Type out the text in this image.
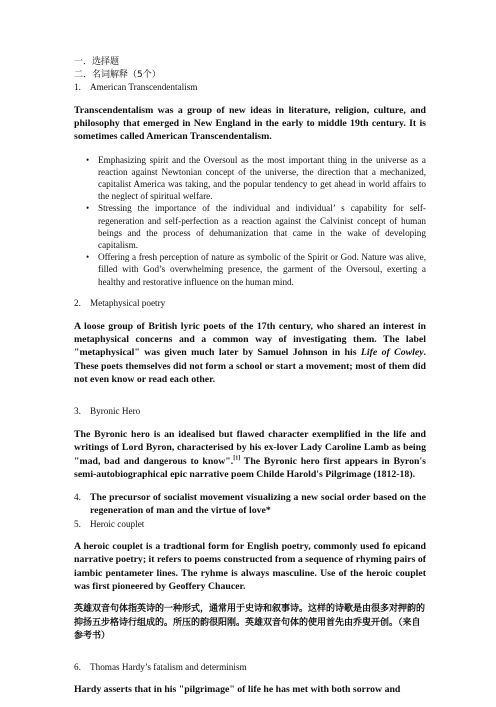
一．选择题

二．名词解释（5个）

1. American Transcendentalism

Transcendentalism was a group of new ideas in literature, religion, culture, and philosophy that emerged in New England in the early to middle 19th century. It is sometimes called American Transcendentalism.

• Emphasizing spirit and the Oversoul as the most important thing in the universe as a reaction against Newtonian concept of the universe, the direction that a mechanized, capitalist America was taking, and the popular tendency to get ahead in world affairs to the neglect of spiritual welfare.
• Stressing the importance of the individual and individual’ s capability for self-regeneration and self-perfection as a reaction against the Calvinist concept of human beings and the process of dehumanization that came in the wake of developing capitalism.
• Offering a fresh perception of nature as symbolic of the Spirit or God. Nature was alive, filled with God’s overwhelming presence, the garment of the Oversoul, exerting a healthy and restorative influence on the human mind.
2. Metaphysical poetry

A loose group of British lyric poets of the 17th century, who shared an interest in metaphysical concerns and a common way of investigating them. The label "metaphysical" was given much later by Samuel Johnson in his Life of Cowley. These poets themselves did not form a school or start a movement; most of them did not even know or read each other.

3. Byronic Hero

The Byronic hero is an idealised but flawed character exemplified in the life and writings of Lord Byron, characterised by his ex-lover Lady Caroline Lamb as being "mad, bad and dangerous to know".[1] The Byronic hero first appears in Byron's semi-autobiographical epic narrative poem Childe Harold's Pilgrimage (1812-18).

4. The precursor of socialist movement visualizing a new social order based on the regeneration of man and the virtue of love*
5. Heroic couplet

A heroic couplet is a tradtional form for English poetry, commonly used fo epicand narrative poetry; it refers to poems constructed from a sequence of rhyming pairs of iambic pentameter lines. The ryhme is always masculine. Use of the heroic couplet was first pioneered by Geoffery Chaucer.

英雄双音句体指英诗的一种形式，通常用于史诗和叙事诗。这样的诗歌是由很多对押韵的抑扬五步格诗行组成的。所压的韵很阳刚。英雄双音句体的使用首先由乔叟开创。（来自参考书）

6. Thomas Hardy’s fatalism and determinism

Hardy asserts that in his "pilgrimage" of life he has met with both sorrow and
